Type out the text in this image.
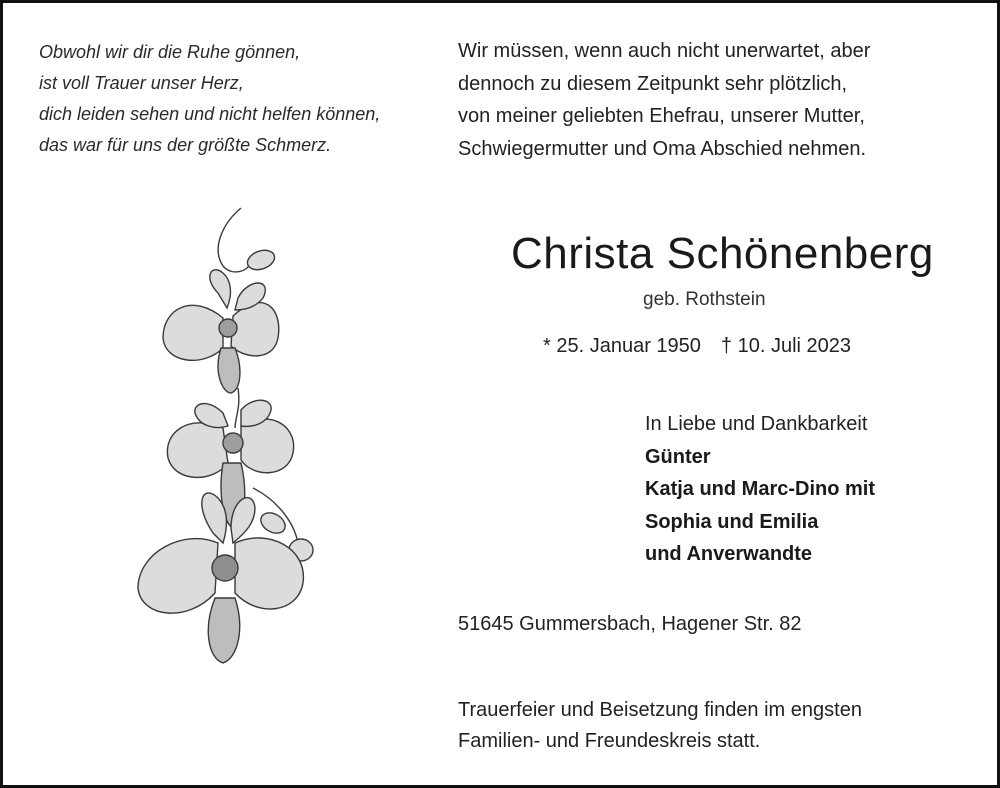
Obwohl wir dir die Ruhe gönnen,
ist voll Trauer unser Herz,
dich leiden sehen und nicht helfen können,
das war für uns der größte Schmerz.
Wir müssen, wenn auch nicht unerwartet, aber
dennoch zu diesem Zeitpunkt sehr plötzlich,
von meiner geliebten Ehefrau, unserer Mutter,
Schwiegermutter und Oma Abschied nehmen.
Christa Schönenberg
geb. Rothstein
* 25. Januar 1950 † 10. Juli 2023
In Liebe und Dankbarkeit
Günter
Katja und Marc-Dino mit
Sophia und Emilia
und Anverwandte
51645 Gummersbach, Hagener Str. 82
Trauerfeier und Beisetzung finden im engsten
Familien- und Freundeskreis statt.
